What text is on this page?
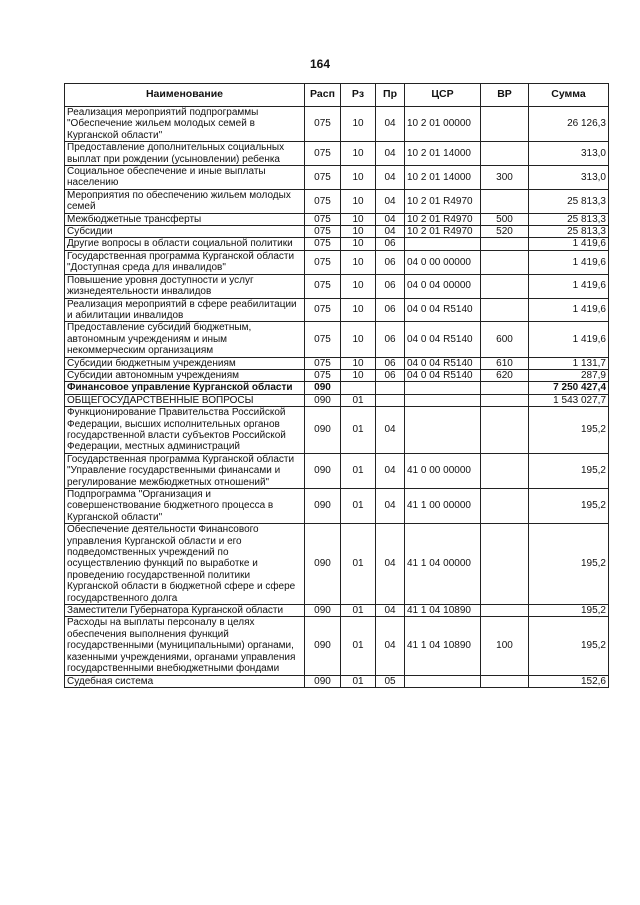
164
Наименование	Расп	Рз	Пр	ЦСР	ВР	Сумма
Реализация мероприятий подпрограммы "Обеспечение жильем молодых семей в Курганской области"	075	10	04	10 2 01 00000		26 126,3
Предоставление дополнительных социальных выплат при рождении (усыновлении) ребенка	075	10	04	10 2 01 14000		313,0
Социальное обеспечение и иные выплаты населению	075	10	04	10 2 01 14000	300	313,0
Мероприятия по обеспечению жильем молодых семей	075	10	04	10 2 01 R4970		25 813,3
Межбюджетные трансферты	075	10	04	10 2 01 R4970	500	25 813,3
Субсидии	075	10	04	10 2 01 R4970	520	25 813,3
Другие вопросы в области социальной политики	075	10	06			1 419,6
Государственная программа Курганской области "Доступная среда для инвалидов"	075	10	06	04 0 00 00000		1 419,6
Повышение уровня доступности и услуг жизнедеятельности инвалидов	075	10	06	04 0 04 00000		1 419,6
Реализация мероприятий в сфере реабилитации и абилитации инвалидов	075	10	06	04 0 04 R5140		1 419,6
Предоставление субсидий бюджетным, автономным учреждениям и иным некоммерческим организациям	075	10	06	04 0 04 R5140	600	1 419,6
Субсидии бюджетным учреждениям	075	10	06	04 0 04 R5140	610	1 131,7
Субсидии автономным учреждениям	075	10	06	04 0 04 R5140	620	287,9
Финансовое управление Курганской области	090					7 250 427,4
ОБЩЕГОСУДАРСТВЕННЫЕ ВОПРОСЫ	090	01				1 543 027,7
Функционирование Правительства Российской Федерации, высших исполнительных органов государственной власти субъектов Российской Федерации, местных администраций	090	01	04			195,2
Государственная программа Курганской области "Управление государственными финансами и регулирование межбюджетных отношений"	090	01	04	41 0 00 00000		195,2
Подпрограмма "Организация и совершенствование бюджетного процесса в Курганской области"	090	01	04	41 1 00 00000		195,2
Обеспечение деятельности Финансового управления Курганской области и его подведомственных учреждений по осуществлению функций по выработке и проведению государственной политики Курганской области в бюджетной сфере и сфере государственного долга	090	01	04	41 1 04 00000		195,2
Заместители Губернатора Курганской области	090	01	04	41 1 04 10890		195,2
Расходы на выплаты персоналу в целях обеспечения выполнения функций государственными (муниципальными) органами, казенными учреждениями, органами управления государственными внебюджетными фондами	090	01	04	41 1 04 10890	100	195,2
Судебная система	090	01	05			152,6
